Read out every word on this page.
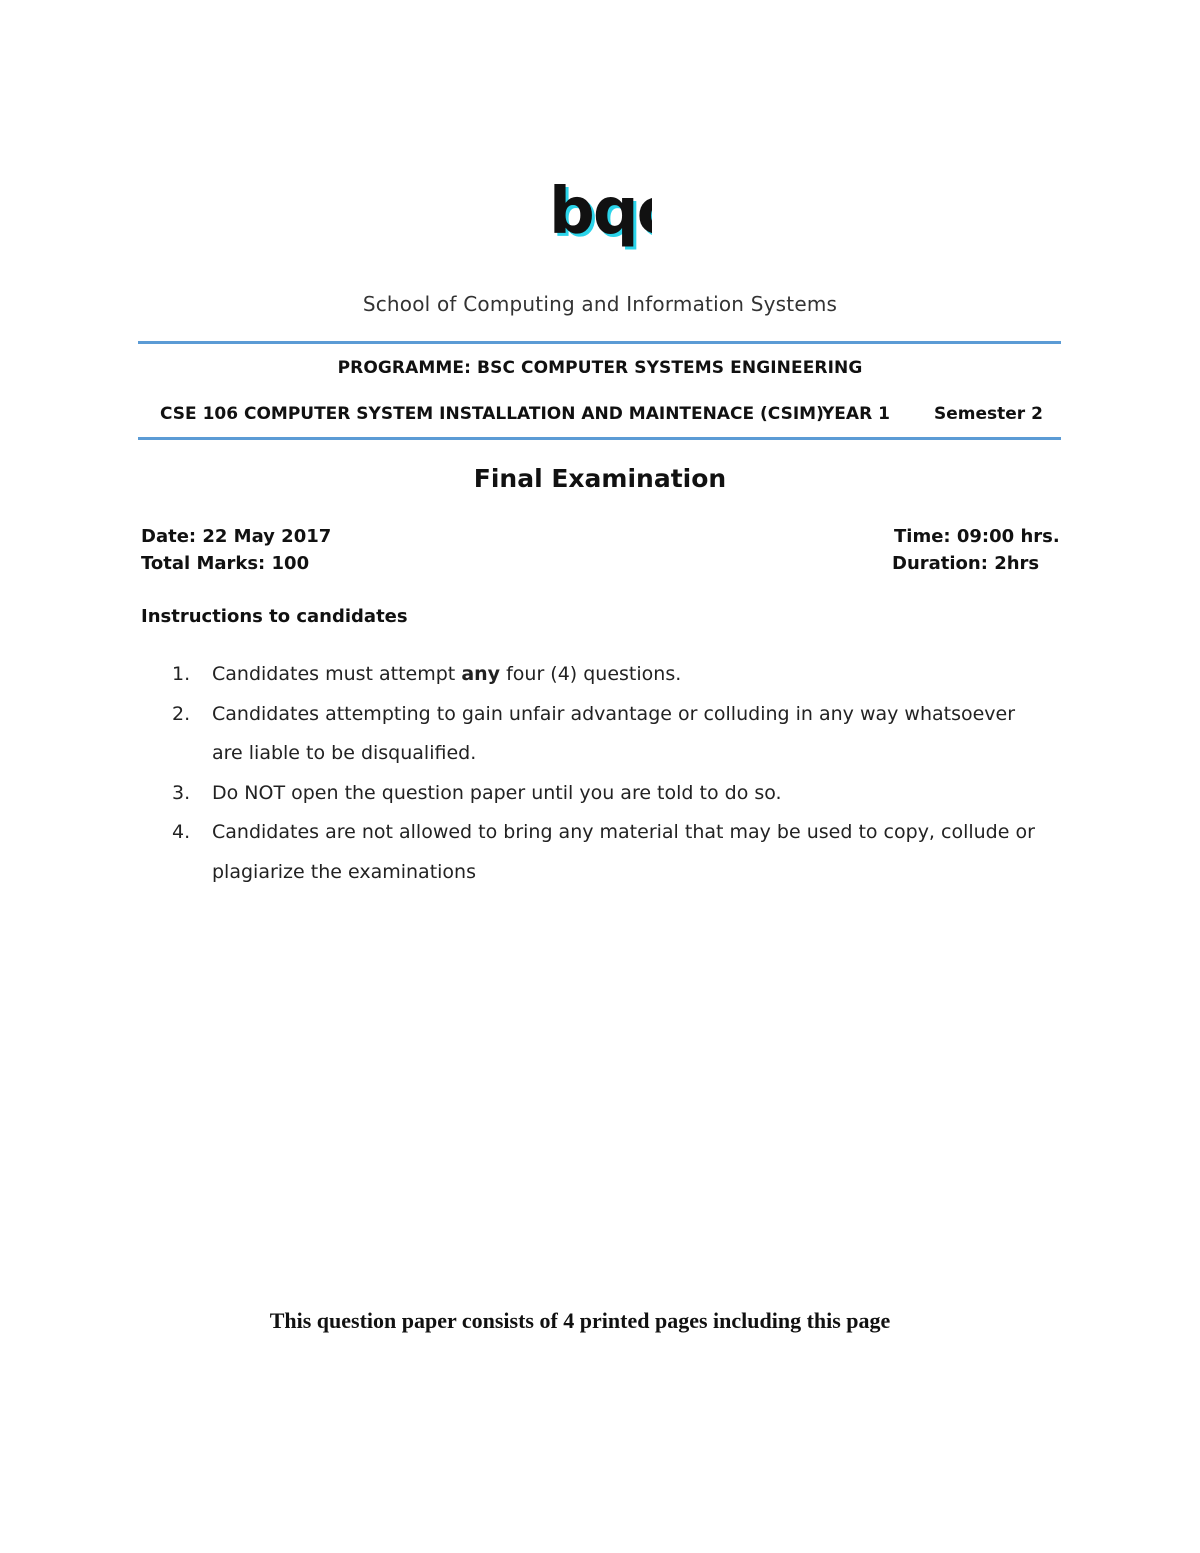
bq
bq
School of Computing and Information Systems
PROGRAMME: BSC COMPUTER SYSTEMS ENGINEERING
CSE 106 COMPUTER SYSTEM INSTALLATION AND MAINTENACE (CSIM)
YEAR 1	Semester 2
Final Examination
Date: 22 May 2017
Total Marks: 100
Time: 09:00 hrs.
Duration: 2hrs
Instructions to candidates
1. Candidates must attempt any four (4) questions.
2. Candidates attempting to gain unfair advantage or colluding in any way whatsoever are liable to be disqualified.
3. Do NOT open the question paper until you are told to do so.
4. Candidates are not allowed to bring any material that may be used to copy, collude or plagiarize the examinations
This question paper consists of 4 printed pages including this page
